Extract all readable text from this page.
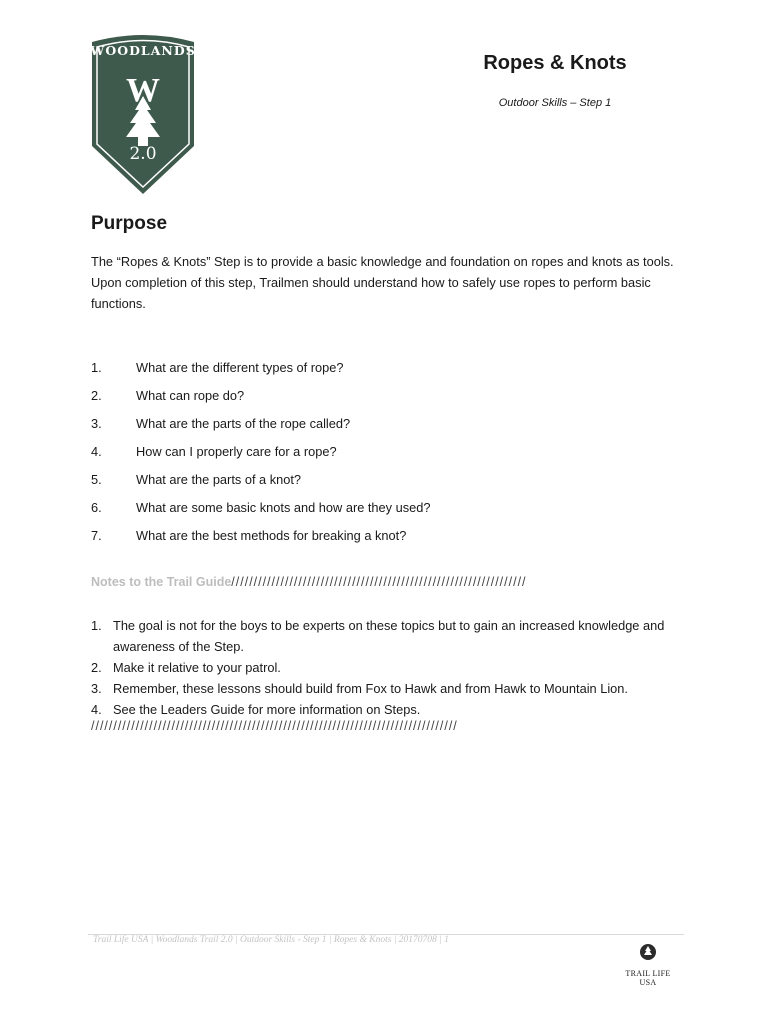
WOODLANDS
W
2.0
Ropes & Knots
Outdoor Skills – Step 1
Purpose

The “Ropes & Knots” Step is to provide a basic knowledge and foundation on ropes and knots as tools. Upon completion of this step, Trailmen should understand how to safely use ropes to perform basic functions.

1.	What are the different types of rope?
2.	What can rope do?
3.	What are the parts of the rope called?
4.	How can I properly care for a rope?
5.	What are the parts of a knot?
6.	What are some basic knots and how are they used?
7.	What are the best methods for breaking a knot?
Notes to the Trail Guide//////////////////////////////////////////////////////////////////
1. The goal is not for the boys to be experts on these topics but to gain an increased knowledge and awareness of the Step.
2. Make it relative to your patrol.
3. Remember, these lessons should build from Fox to Hawk and from Hawk to Mountain Lion.
4. See the Leaders Guide for more information on Steps.
//////////////////////////////////////////////////////////////////////////////////
Trail Life USA | Woodlands Trail 2.0 | Outdoor Skills - Step 1 | Ropes & Knots | 20170708 | 1
TRAIL LIFE USA
